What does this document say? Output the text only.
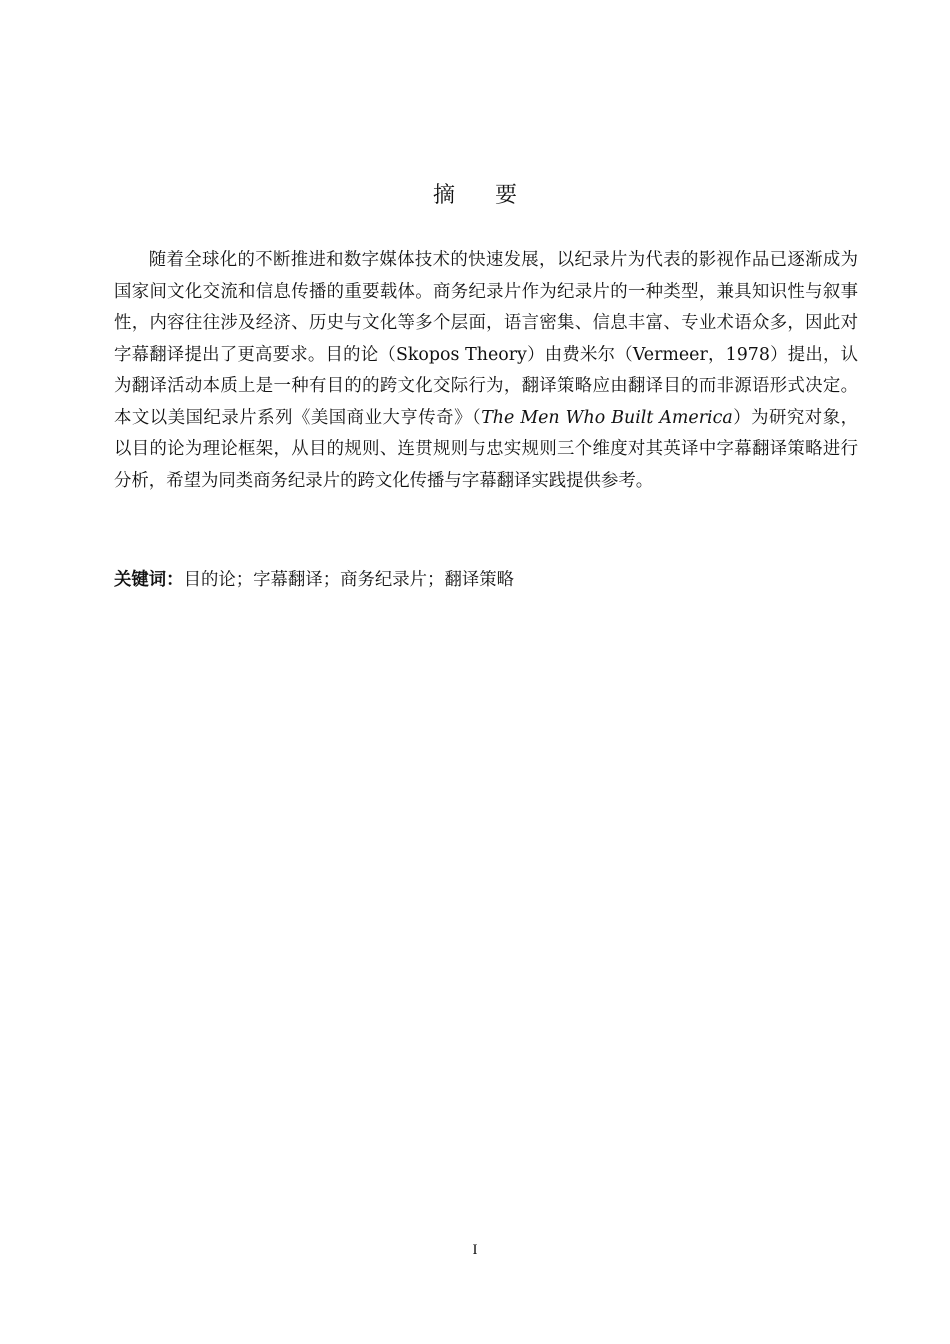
摘要

随着全球化的不断推进和数字媒体技术的快速发展，以纪录片为代表的影视作品已逐渐成为国家间文化交流和信息传播的重要载体。商务纪录片作为纪录片的一种类型，兼具知识性与叙事性，内容往往涉及经济、历史与文化等多个层面，语言密集、信息丰富、专业术语众多，因此对字幕翻译提出了更高要求。目的论（Skopos Theory）由费米尔（Vermeer，1978）提出，认为翻译活动本质上是一种有目的的跨文化交际行为，翻译策略应由翻译目的而非源语形式决定。本文以美国纪录片系列《美国商业大亨传奇》（The Men Who Built America）为研究对象，以目的论为理论框架，从目的规则、连贯规则与忠实规则三个维度对其英译中字幕翻译策略进行分析，希望为同类商务纪录片的跨文化传播与字幕翻译实践提供参考。

关键词：目的论；字幕翻译；商务纪录片；翻译策略
I
